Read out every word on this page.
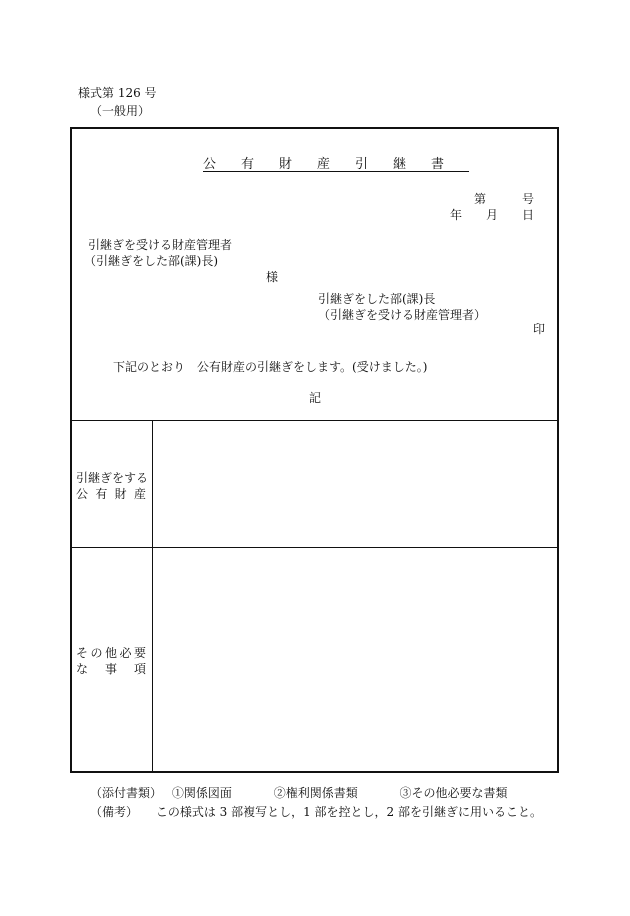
様式第 126 号
（一般用）
公有財産引継書
第	号
年 月 日
引継ぎを受ける財産管理者
（引継ぎをした部(課)長)
様
引継ぎをした部(課)長
（引継ぎを受ける財産管理者）
印
下記のとおり　公有財産の引継ぎをします。(受けました。)
記
引継ぎをする
公 有 財 産
そ の 他 必 要
な 事 項
（添付書類） ①関係図面	②権利関係書類	③その他必要な書類
（備考） この様式は 3 部複写とし，1 部を控とし，2 部を引継ぎに用いること。
